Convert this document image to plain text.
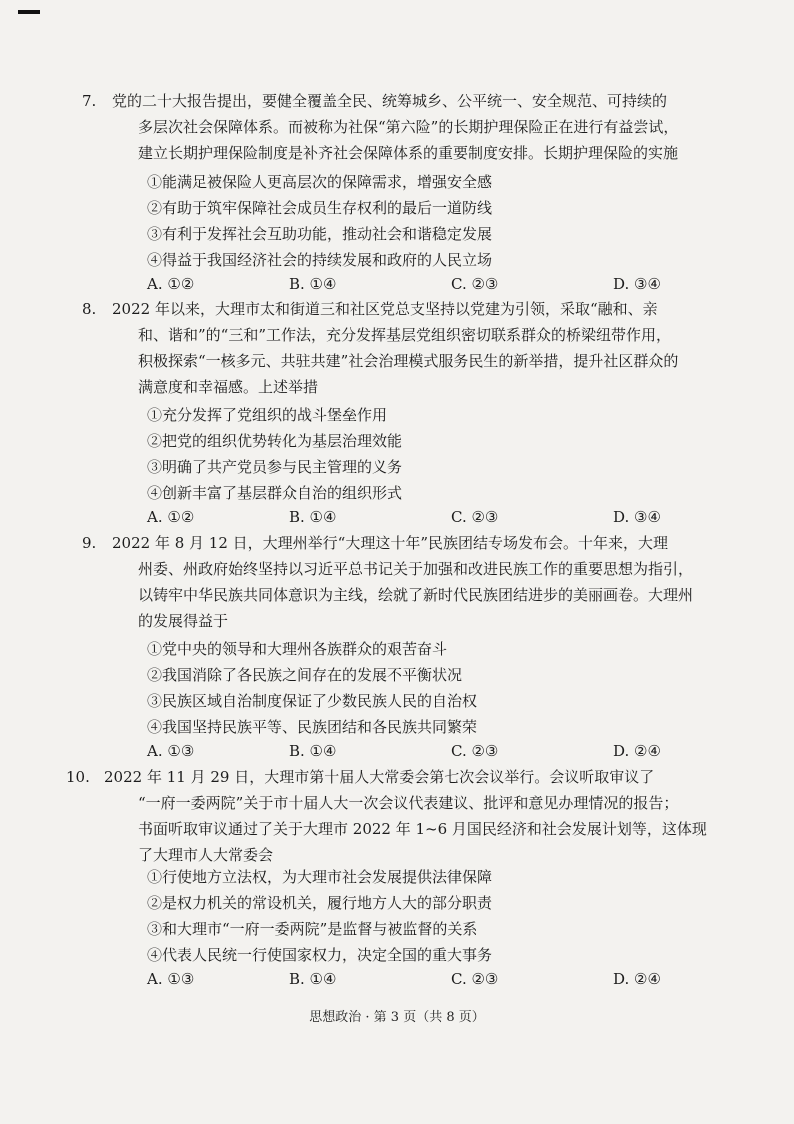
7. 党的二十大报告提出，要健全覆盖全民、统筹城乡、公平统一、安全规范、可持续的
多层次社会保障体系。而被称为社保“第六险”的长期护理保险正在进行有益尝试，
建立长期护理保险制度是补齐社会保障体系的重要制度安排。长期护理保险的实施
①能满足被保险人更高层次的保障需求，增强安全感
②有助于筑牢保障社会成员生存权利的最后一道防线
③有利于发挥社会互助功能，推动社会和谐稳定发展
④得益于我国经济社会的持续发展和政府的人民立场
A. ①②	B. ①④	C. ②③	D. ③④
8. 2022 年以来，大理市太和街道三和社区党总支坚持以党建为引领，采取“融和、亲
和、谐和”的“三和”工作法，充分发挥基层党组织密切联系群众的桥梁纽带作用，
积极探索“一核多元、共驻共建”社会治理模式服务民生的新举措，提升社区群众的
满意度和幸福感。上述举措
①充分发挥了党组织的战斗堡垒作用
②把党的组织优势转化为基层治理效能
③明确了共产党员参与民主管理的义务
④创新丰富了基层群众自治的组织形式
A. ①②	B. ①④	C. ②③	D. ③④
9. 2022 年 8 月 12 日，大理州举行“大理这十年”民族团结专场发布会。十年来，大理
州委、州政府始终坚持以习近平总书记关于加强和改进民族工作的重要思想为指引，
以铸牢中华民族共同体意识为主线，绘就了新时代民族团结进步的美丽画卷。大理州
的发展得益于
①党中央的领导和大理州各族群众的艰苦奋斗
②我国消除了各民族之间存在的发展不平衡状况
③民族区域自治制度保证了少数民族人民的自治权
④我国坚持民族平等、民族团结和各民族共同繁荣
A. ①③	B. ①④	C. ②③	D. ②④
10. 2022 年 11 月 29 日，大理市第十届人大常委会第七次会议举行。会议听取审议了
“一府一委两院”关于市十届人大一次会议代表建议、批评和意见办理情况的报告；
书面听取审议通过了关于大理市 2022 年 1~6 月国民经济和社会发展计划等，这体现
了大理市人大常委会
①行使地方立法权，为大理市社会发展提供法律保障
②是权力机关的常设机关，履行地方人大的部分职责
③和大理市“一府一委两院”是监督与被监督的关系
④代表人民统一行使国家权力，决定全国的重大事务
A. ①③	B. ①④	C. ②③	D. ②④
思想政治 · 第 3 页（共 8 页）
